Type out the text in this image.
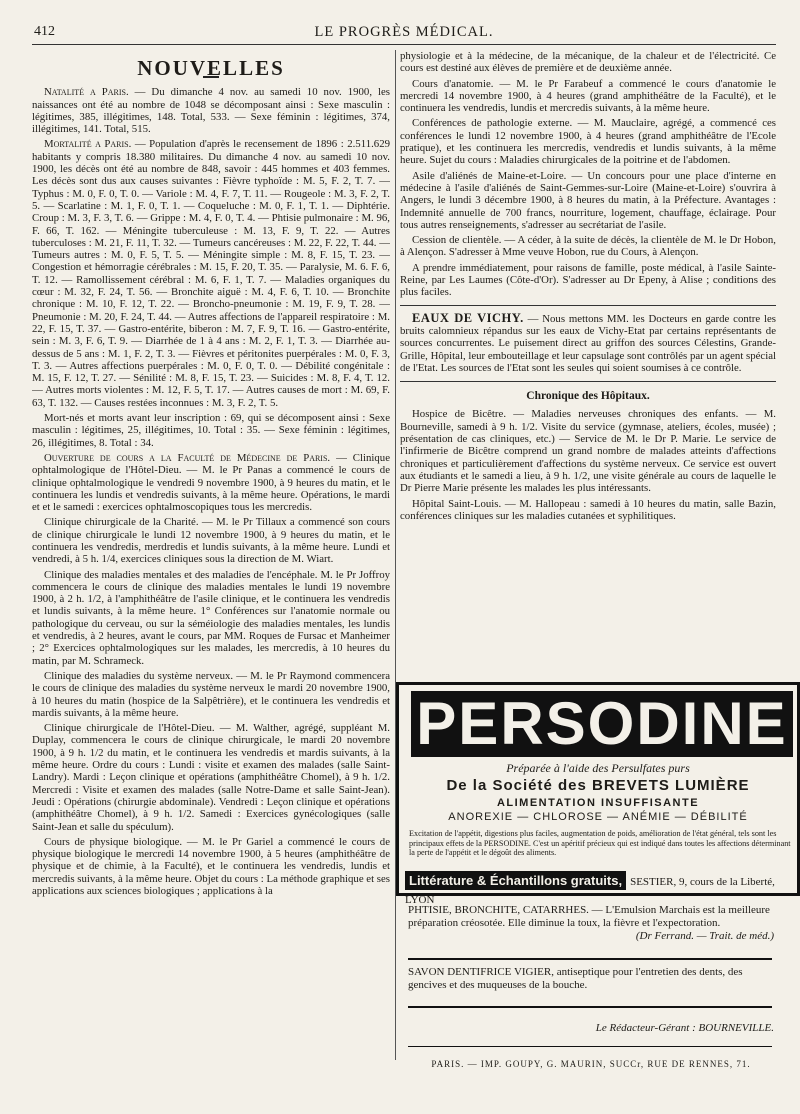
412	LE PROGRÈS MÉDICAL.
NOUVELLES

Natalité a Paris. — Du dimanche 4 nov. au samedi 10 nov. 1900, les naissances ont été au nombre de 1048 se décomposant ainsi : Sexe masculin : légitimes, 385, illégitimes, 148. Total, 533. — Sexe féminin : légitimes, 374, illégitimes, 141. Total, 515.

Mortalité a Paris. — Population d'après le recensement de 1896 : 2.511.629 habitants y compris 18.380 militaires. Du dimanche 4 nov. au samedi 10 nov. 1900, les décès ont été au nombre de 848, savoir : 445 hommes et 403 femmes. Les décès sont dus aux causes suivantes : Fièvre typhoïde : M. 5, F. 2, T. 7. — Typhus : M. 0, F. 0, T. 0. — Variole : M. 4, F. 7, T. 11. — Rougeole : M. 3, F. 2, T. 5. — Scarlatine : M. 1, F. 0, T. 1. — Coqueluche : M. 0, F. 1, T. 1. — Diphtérie. Croup : M. 3, F. 3, T. 6. — Grippe : M. 4, F. 0, T. 4. — Phtisie pulmonaire : M. 96, F. 66, T. 162. — Méningite tuberculeuse : M. 13, F. 9, T. 22. — Autres tuberculoses : M. 21, F. 11, T. 32. — Tumeurs cancéreuses : M. 22, F. 22, T. 44. — Tumeurs autres : M. 0, F. 5, T. 5. — Méningite simple : M. 8, F. 15, T. 23. — Congestion et hémorragie cérébrales : M. 15, F. 20, T. 35. — Paralysie, M. 6. F. 6, T. 12. — Ramollissement cérébral : M. 6, F. 1, T. 7. — Maladies organiques du cœur : M. 32, F. 24, T. 56. — Bronchite aiguë : M. 4, F. 6, T. 10. — Bronchite chronique : M. 10, F. 12, T. 22. — Broncho-pneumonie : M. 19, F. 9, T. 28. — Pneumonie : M. 20, F. 24, T. 44. — Autres affections de l'appareil respiratoire : M. 22, F. 15, T. 37. — Gastro-entérite, biberon : M. 7, F. 9, T. 16. — Gastro-entérite, sein : M. 3, F. 6, T. 9. — Diarrhée de 1 à 4 ans : M. 2, F. 1, T. 3. — Diarrhée au-dessus de 5 ans : M. 1, F. 2, T. 3. — Fièvres et péritonites puerpérales : M. 0, F. 3, T. 3. — Autres affections puerpérales : M. 0, F. 0, T. 0. — Débilité congénitale : M. 15, F. 12, T. 27. — Sénilité : M. 8, F. 15, T. 23. — Suicides : M. 8, F. 4, T. 12. — Autres morts violentes : M. 12, F. 5, T. 17. — Autres causes de mort : M. 69, F. 63, T. 132. — Causes restées inconnues : M. 3, F. 2, T. 5.

Mort-nés et morts avant leur inscription : 69, qui se décomposent ainsi : Sexe masculin : légitimes, 25, illégitimes, 10. Total : 35. — Sexe féminin : légitimes, 26, illégitimes, 8. Total : 34.

Ouverture de cours a la Faculté de Médecine de Paris. — Clinique ophtalmologique de l'Hôtel-Dieu. — M. le Pr Panas a commencé le cours de clinique ophtalmologique le vendredi 9 novembre 1900, à 9 heures du matin, et le continuera les lundis et vendredis suivants, à la même heure. Opérations, le mardi et et le samedi : exercices ophtalmoscopiques tous les mercredis.

Clinique chirurgicale de la Charité. — M. le Pr Tillaux a commencé son cours de clinique chirurgicale le lundi 12 novembre 1900, à 9 heures du matin, et le continuera les vendredis, merdredis et lundis suivants, à la même heure. Lundi et vendredi, à 5 h. 1/4, exercices cliniques sous la direction de M. Wiart.

Clinique des maladies mentales et des maladies de l'encéphale. M. le Pr Joffroy commencera le cours de clinique des maladies mentales le lundi 19 novembre 1900, à 2 h. 1/2, à l'amphithéâtre de l'asile clinique, et le continuera les vendredis et lundis suivants, à la même heure. 1° Conférences sur l'anatomie normale ou pathologique du cerveau, ou sur la séméiologie des maladies mentales, les lundis et vendredis, à 2 heures, avant le cours, par MM. Roques de Fursac et Manheimer ; 2° Exercices ophtalmologiques sur les malades, les mercredis, à 10 heures du matin, par M. Schrameck.

Clinique des maladies du système nerveux. — M. le Pr Raymond commencera le cours de clinique des maladies du système nerveux le mardi 20 novembre 1900, à 10 heures du matin (hospice de la Salpêtrière), et le continuera les vendredis et mardis suivants, à la même heure.

Clinique chirurgicale de l'Hôtel-Dieu. — M. Walther, agrégé, suppléant M. Duplay, commencera le cours de clinique chirurgicale, le mardi 20 novembre 1900, à 9 h. 1/2 du matin, et le continuera les vendredis et mardis suivants, à la même heure. Ordre du cours : Lundi : visite et examen des malades (salle Saint-Landry). Mardi : Leçon clinique et opérations (amphithéâtre Chomel), à 9 h. 1/2. Mercredi : Visite et examen des malades (salle Notre-Dame et salle Saint-Jean). Jeudi : Opérations (chirurgie abdominale). Vendredi : Leçon clinique et opérations (amphithéâtre Chomel), à 9 h. 1/2. Samedi : Exercices gynécologiques (salle Saint-Jean et salle du spéculum).

Cours de physique biologique. — M. le Pr Gariel a commencé le cours de physique biologique le mercredi 14 novembre 1900, à 5 heures (amphithéâtre de physique et de chimie, à la Faculté), et le continuera les vendredis, lundis et mercredis suivants, à la même heure. Objet du cours : La méthode graphique et ses applications aux sciences biologiques ; applications à la

physiologie et à la médecine, de la mécanique, de la chaleur et de l'électricité. Ce cours est destiné aux élèves de première et de deuxième année.

Cours d'anatomie. — M. le Pr Farabeuf a commencé le cours d'anatomie le mercredi 14 novembre 1900, à 4 heures (grand amphithéâtre de la Faculté), et le continuera les vendredis, lundis et mercredis suivants, à la même heure.

Conférences de pathologie externe. — M. Mauclaire, agrégé, a commencé ces conférences le lundi 12 novembre 1900, à 4 heures (grand amphithéâtre de l'Ecole pratique), et les continuera les mercredis, vendredis et lundis suivants, à la même heure. Sujet du cours : Maladies chirurgicales de la poitrine et de l'abdomen.

Asile d'aliénés de Maine-et-Loire. — Un concours pour une place d'interne en médecine à l'asile d'aliénés de Saint-Gemmes-sur-Loire (Maine-et-Loire) s'ouvrira à Angers, le lundi 3 décembre 1900, à 8 heures du matin, à la Préfecture. Avantages : Indemnité annuelle de 700 francs, nourriture, logement, chauffage, éclairage. Pour tous autres renseignements, s'adresser au secrétariat de l'asile.

Cession de clientèle. — A céder, à la suite de décès, la clientèle de M. le Dr Hobon, à Alençon. S'adresser à Mme veuve Hobon, rue du Cours, à Alençon.

A prendre immédiatement, pour raisons de famille, poste médical, à l'asile Sainte-Reine, par Les Laumes (Côte-d'Or). S'adresser au Dr Epeny, à Alise ; conditions des plus faciles.

EAUX DE VICHY. — Nous mettons MM. les Docteurs en garde contre les bruits calomnieux répandus sur les eaux de Vichy-Etat par certains représentants de sources concurrentes. Le puisement direct au griffon des sources Célestins, Grande-Grille, Hôpital, leur embouteillage et leur capsulage sont contrôlés par un agent spécial de l'Etat. Les sources de l'Etat sont les seules qui soient soumises à ce contrôle.

Chronique des Hôpitaux.

Hospice de Bicêtre. — Maladies nerveuses chroniques des enfants. — M. Bourneville, samedi à 9 h. 1/2. Visite du service (gymnase, ateliers, écoles, musée) ; présentation de cas cliniques, etc.) — Service de M. le Dr P. Marie. Le service de l'infirmerie de Bicêtre comprend un grand nombre de malades atteints d'affections chroniques et particulièrement d'affections du système nerveux. Ce service est ouvert aux étudiants et le samedi a lieu, à 9 h. 1/2, une visite générale au cours de laquelle le Dr Pierre Marie présente les malades les plus intéressants.

Hôpital Saint-Louis. — M. Hallopeau : samedi à 10 heures du matin, salle Bazin, conférences cliniques sur les maladies cutanées et syphilitiques.

PERSODINE
Préparée à l'aide des Persulfates purs
De la Société des BREVETS LUMIÈRE
ALIMENTATION INSUFFISANTE
ANOREXIE — CHLOROSE — ANÉMIE — DÉBILITÉ
Excitation de l'appétit, digestions plus faciles, augmentation de poids, amélioration de l'état général, tels sont les principaux effets de la PERSODINE. C'est un apéritif précieux qui est indiqué dans toutes les affections déterminant la perte de l'appétit et le dégoût des aliments.
Littérature & Échantillons gratuits, SESTIER, 9, cours de la Liberté, LYON
PHTISIE, BRONCHITE, CATARRHES. — L'Emulsion Marchais est la meilleure préparation créosotée. Elle diminue la toux, la fièvre et l'expectoration.
(Dr Ferrand. — Trait. de méd.)
SAVON DENTIFRICE VIGIER, antiseptique pour l'entretien des dents, des gencives et des muqueuses de la bouche.
Le Rédacteur-Gérant : BOURNEVILLE.
PARIS. — IMP. GOUPY, G. MAURIN, SUCCr, RUE DE RENNES, 71.
